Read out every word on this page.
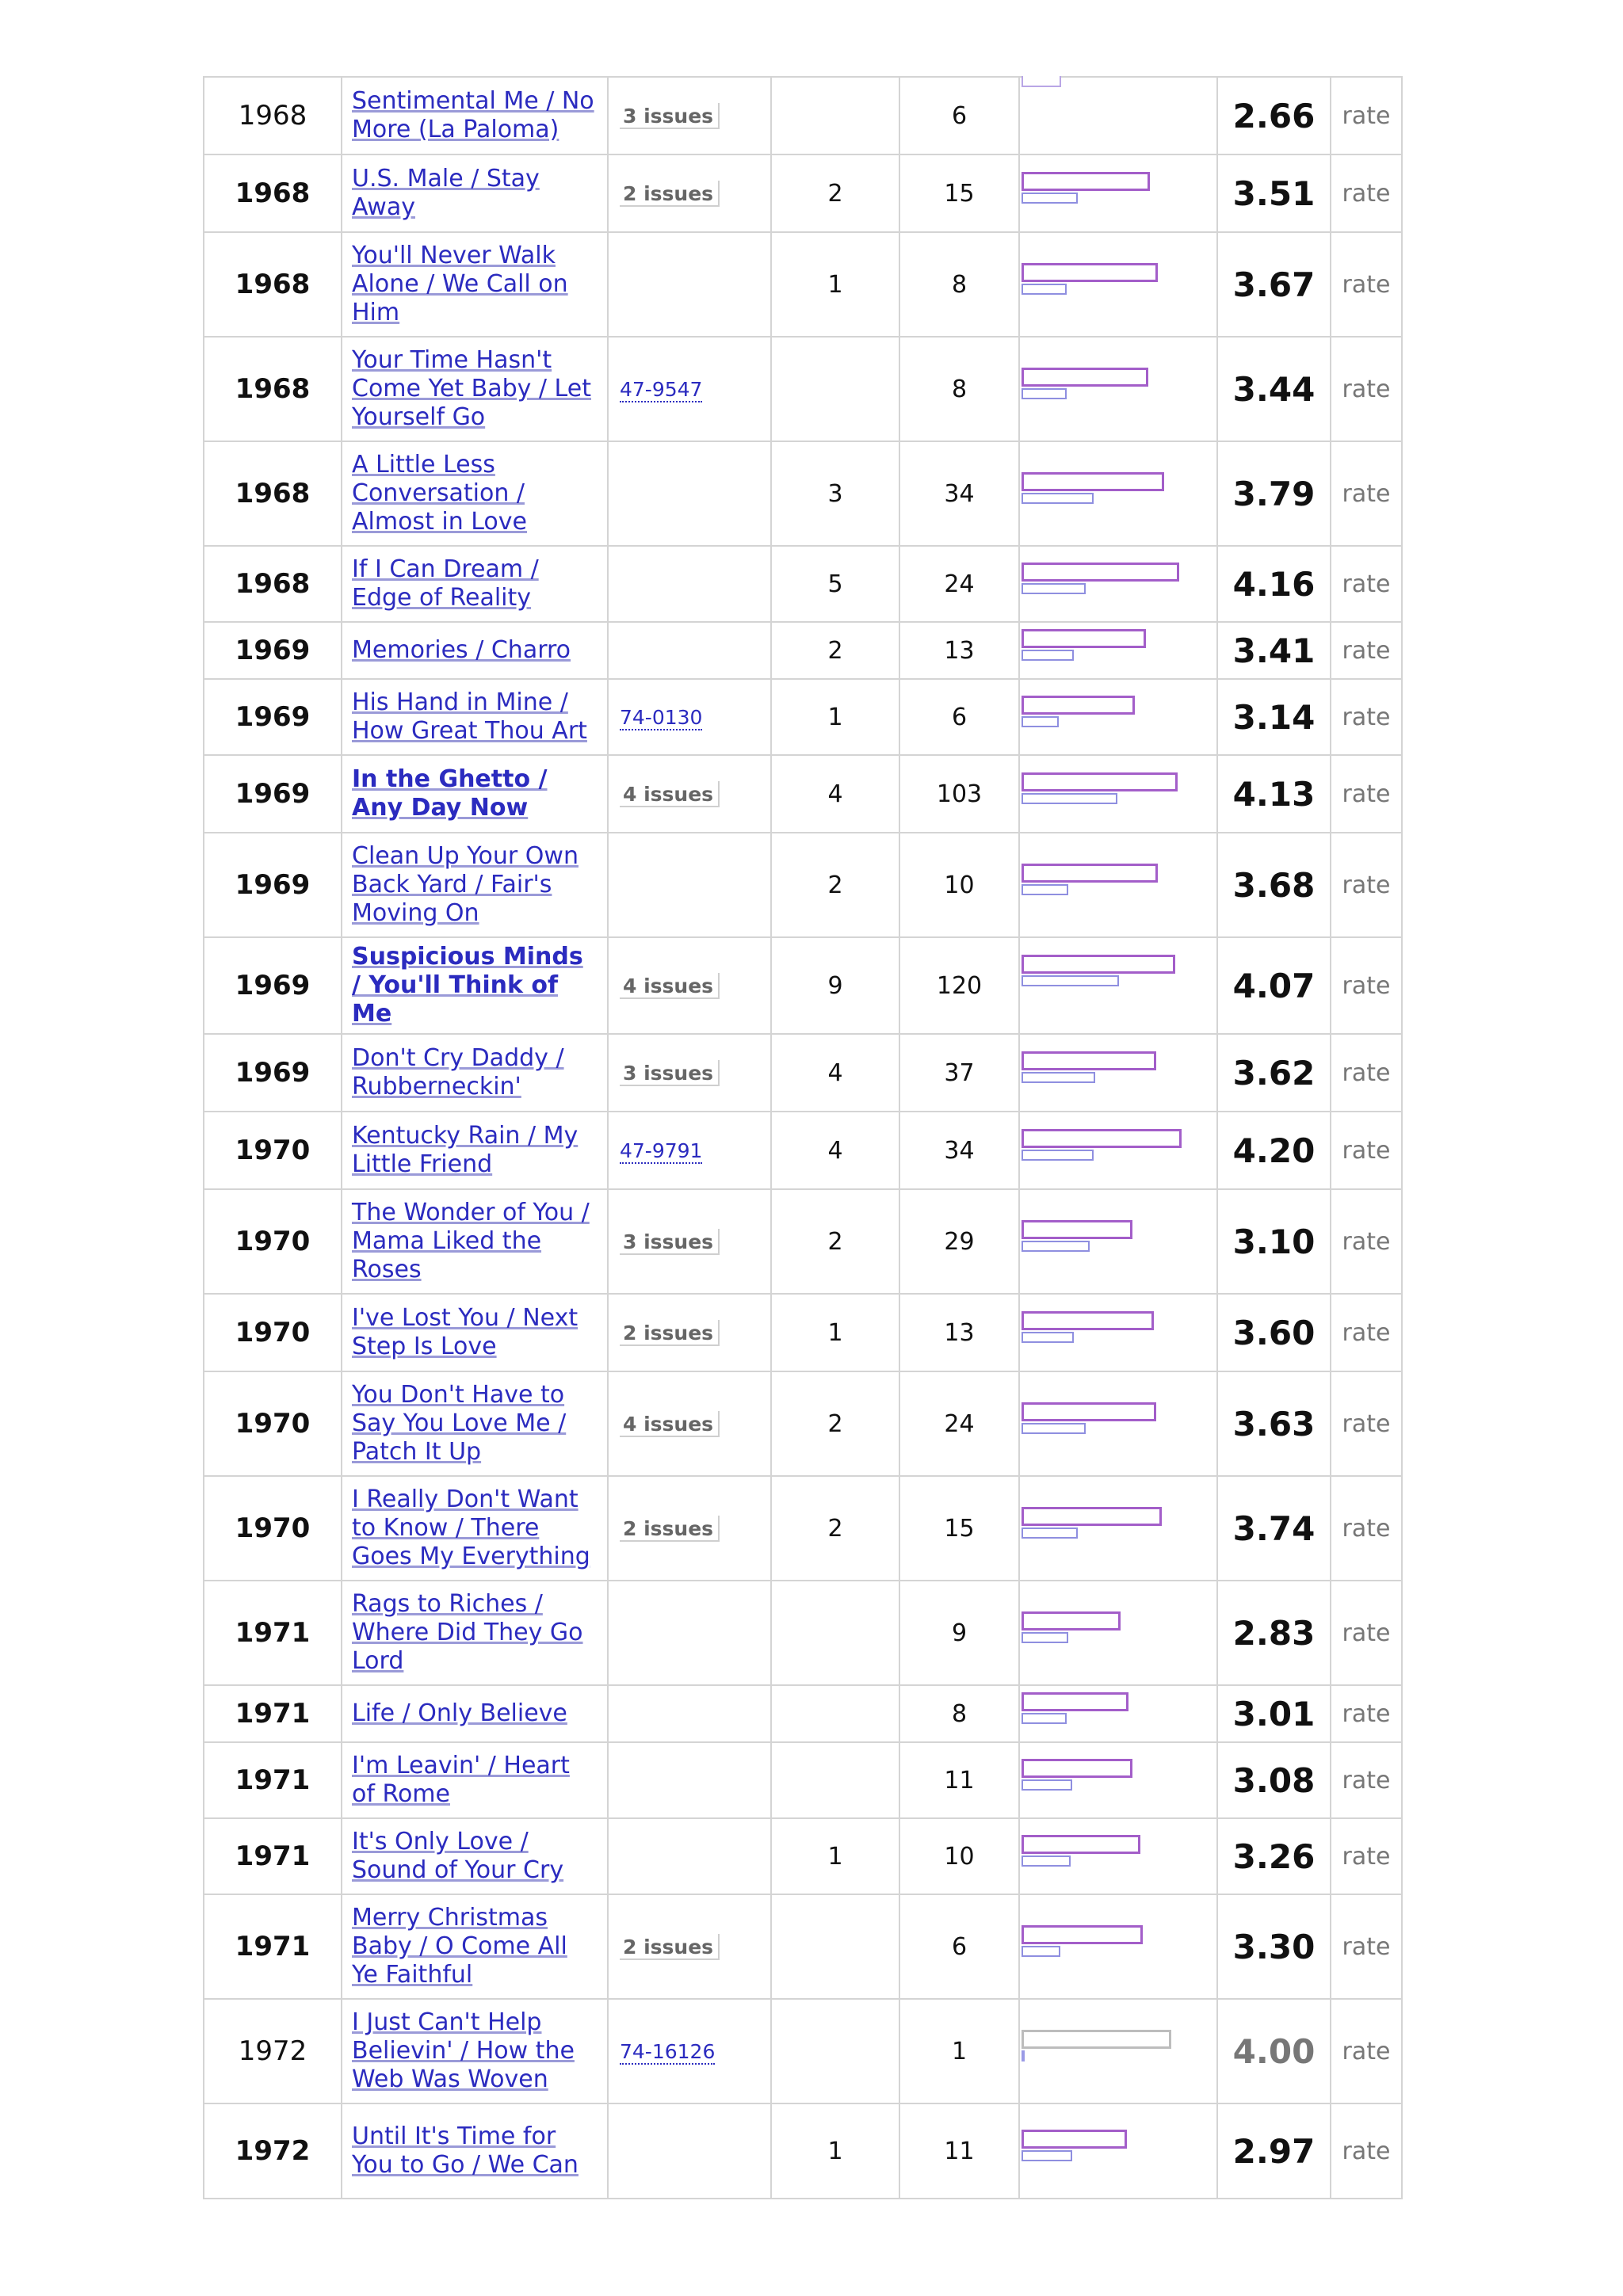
1968	Sentimental Me / No More (La Paloma)	3 issues		6		2.66	rate
1968	U.S. Male / Stay Away	2 issues	2	15		3.51	rate
1968	You'll Never Walk Alone / We Call on Him		1	8		3.67	rate
1968	Your Time Hasn't Come Yet Baby / Let Yourself Go	47-9547		8		3.44	rate
1968	A Little Less Conversation / Almost in Love		3	34		3.79	rate
1968	If I Can Dream / Edge of Reality		5	24		4.16	rate
1969	Memories / Charro		2	13		3.41	rate
1969	His Hand in Mine / How Great Thou Art	74-0130	1	6		3.14	rate
1969	In the Ghetto / Any Day Now	4 issues	4	103		4.13	rate
1969	Clean Up Your Own Back Yard / Fair's Moving On		2	10		3.68	rate
1969	Suspicious Minds / You'll Think of Me	4 issues	9	120		4.07	rate
1969	Don't Cry Daddy / Rubberneckin'	3 issues	4	37		3.62	rate
1970	Kentucky Rain / My Little Friend	47-9791	4	34		4.20	rate
1970	The Wonder of You / Mama Liked the Roses	3 issues	2	29		3.10	rate
1970	I've Lost You / Next Step Is Love	2 issues	1	13		3.60	rate
1970	You Don't Have to Say You Love Me / Patch It Up	4 issues	2	24		3.63	rate
1970	I Really Don't Want to Know / There Goes My Everything	2 issues	2	15		3.74	rate
1971	Rags to Riches / Where Did They Go Lord			9		2.83	rate
1971	Life / Only Believe			8		3.01	rate
1971	I'm Leavin' / Heart of Rome			11		3.08	rate
1971	It's Only Love / Sound of Your Cry		1	10		3.26	rate
1971	Merry Christmas Baby / O Come All Ye Faithful	2 issues		6		3.30	rate
1972	I Just Can't Help Believin' / How the Web Was Woven	74-16126		1		4.00	rate
1972	Until It's Time for You to Go / We Can		1	11		2.97	rate
